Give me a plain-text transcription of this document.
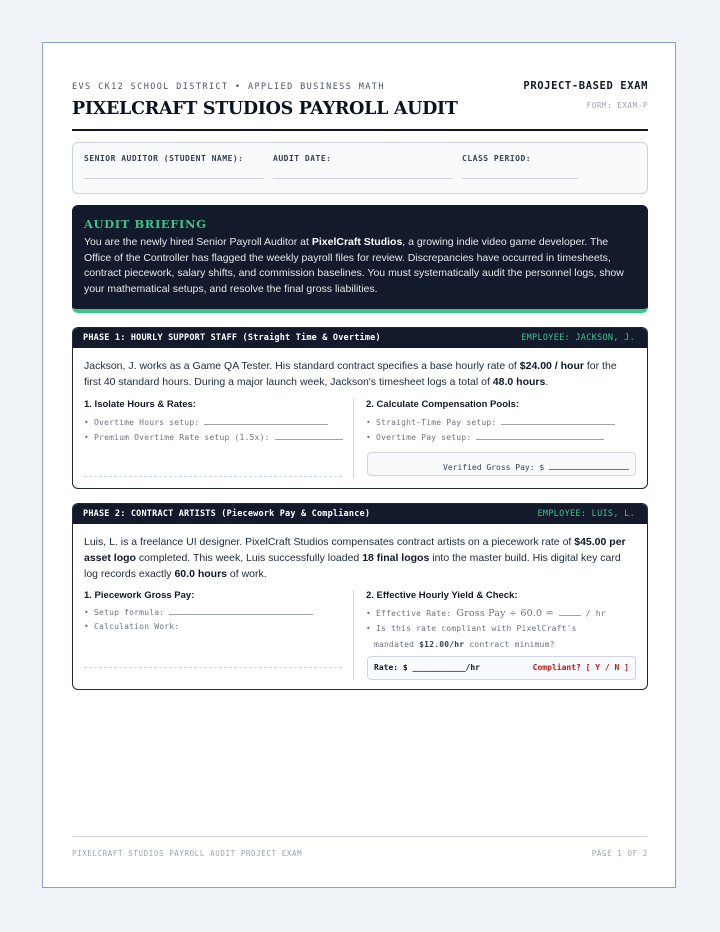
EVS CK12 SCHOOL DISTRICT • APPLIED BUSINESS MATH	PROJECT-BASED EXAM
FORM: EXAM-P
PIXELCRAFT STUDIOS PAYROLL AUDIT
SENIOR AUDITOR (STUDENT NAME):	AUDIT DATE:	CLASS PERIOD:
AUDIT BRIEFING

You are the newly hired Senior Payroll Auditor at PixelCraft Studios, a growing indie video game developer. The Office of the Controller has flagged the weekly payroll files for review. Discrepancies have occurred in timesheets, contract piecework, salary shifts, and commission baselines. You must systematically audit the personnel logs, show your mathematical setups, and resolve the final gross liabilities.

PHASE 1: HOURLY SUPPORT STAFF (Straight Time & Overtime)	EMPLOYEE: JACKSON, J.

Jackson, J. works as a Game QA Tester. His standard contract specifies a base hourly rate of $24.00 / hour for the first 40 standard hours. During a major launch week, Jackson's timesheet logs a total of 48.0 hours.

1. Isolate Hours & Rates:
• Overtime Hours setup:
• Premium Overtime Rate setup (1.5x):
2. Calculate Compensation Pools:
• Straight-Time Pay setup:
• Overtime Pay setup:
Verified Gross Pay: $
PHASE 2: CONTRACT ARTISTS (Piecework Pay & Compliance)	EMPLOYEE: LUIS, L.

Luis, L. is a freelance UI designer. PixelCraft Studios compensates contract artists on a piecework rate of $45.00 per asset logo completed. This week, Luis successfully loaded 18 final logos into the master build. His digital key card log records exactly 60.0 hours of work.

1. Piecework Gross Pay:
• Setup formula:
• Calculation Work:
2. Effective Hourly Yield & Check:
• Effective Rate: Gross Pay ÷ 60.0 =	/ hr
• Is this rate compliant with PixelCraft's
mandated $12.00/hr contract minimum?
Rate: $ ___________/hr	Compliant? [ Y / N ]
PIXELCRAFT STUDIOS PAYROLL AUDIT PROJECT EXAM	PAGE 1 OF 2
